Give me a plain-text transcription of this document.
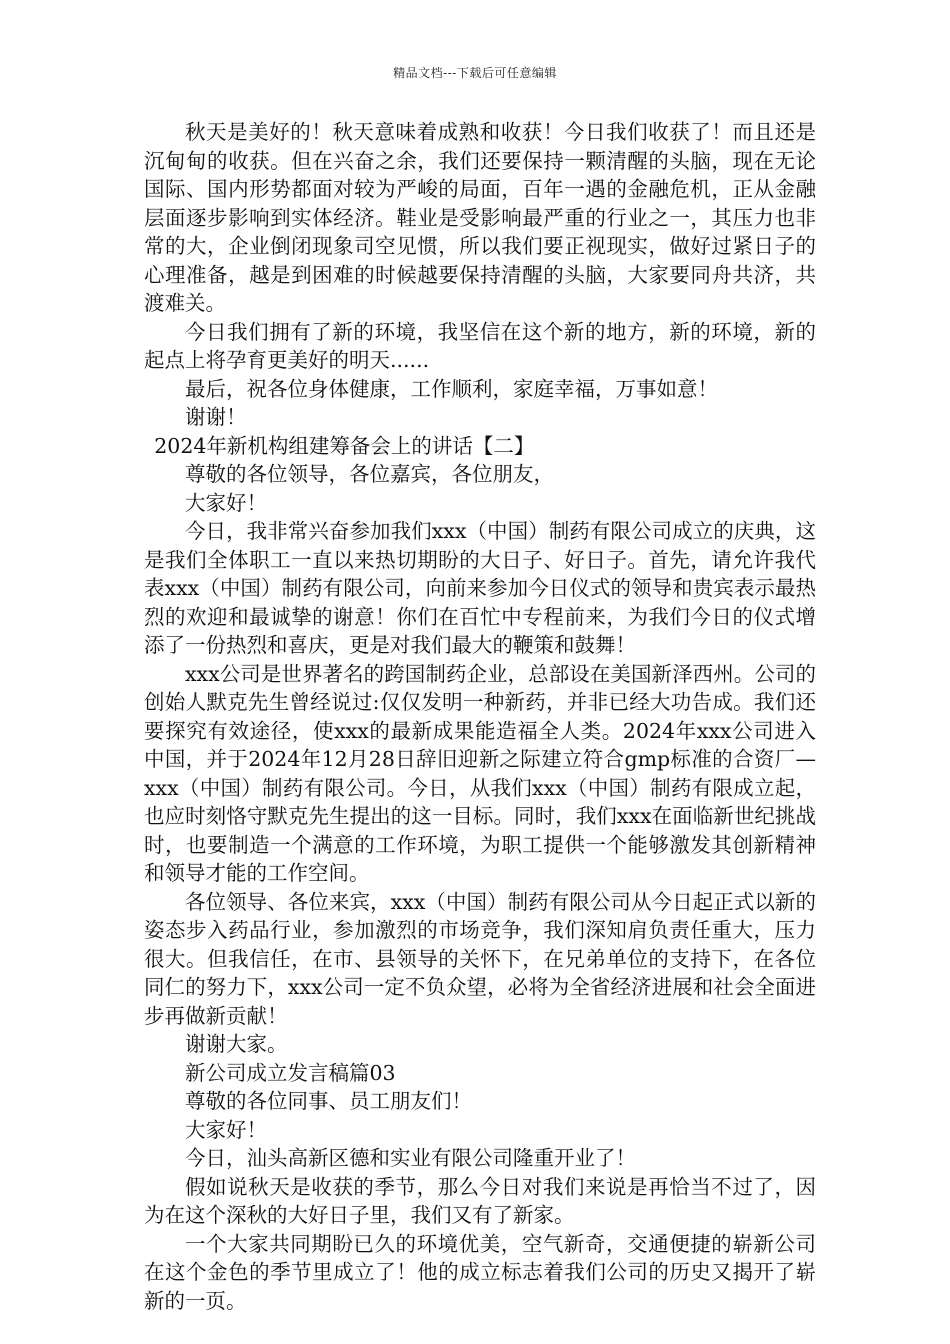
精品文档---下载后可任意编辑

秋天是美好的！秋天意味着成熟和收获！今日我们收获了！而且还是沉甸甸的收获。但在兴奋之余，我们还要保持一颗清醒的头脑，现在无论国际、国内形势都面对较为严峻的局面，百年一遇的金融危机，正从金融层面逐步影响到实体经济。鞋业是受影响最严重的行业之一，其压力也非常的大，企业倒闭现象司空见惯，所以我们要正视现实，做好过紧日子的心理准备，越是到困难的时候越要保持清醒的头脑，大家要同舟共济，共渡难关。

今日我们拥有了新的环境，我坚信在这个新的地方，新的环境，新的起点上将孕育更美好的明天......

最后，祝各位身体健康，工作顺利，家庭幸福，万事如意！

谢谢！

2024年新机构组建筹备会上的讲话【二】

尊敬的各位领导，各位嘉宾，各位朋友，

大家好！

今日，我非常兴奋参加我们xxx（中国）制药有限公司成立的庆典，这是我们全体职工一直以来热切期盼的大日子、好日子。首先，请允许我代表xxx（中国）制药有限公司，向前来参加今日仪式的领导和贵宾表示最热烈的欢迎和最诚挚的谢意！你们在百忙中专程前来，为我们今日的仪式增添了一份热烈和喜庆，更是对我们最大的鞭策和鼓舞！

xxx公司是世界著名的跨国制药企业，总部设在美国新泽西州。公司的创始人默克先生曾经说过:仅仅发明一种新药，并非已经大功告成。我们还要探究有效途径，使xxx的最新成果能造福全人类。2024年xxx公司进入中国，并于2024年12月28日辞旧迎新之际建立符合gmp标准的合资厂—xxx（中国）制药有限公司。今日，从我们xxx（中国）制药有限成立起，也应时刻恪守默克先生提出的这一目标。同时，我们xxx在面临新世纪挑战时，也要制造一个满意的工作环境，为职工提供一个能够激发其创新精神和领导才能的工作空间。

各位领导、各位来宾，xxx（中国）制药有限公司从今日起正式以新的姿态步入药品行业，参加激烈的市场竞争，我们深知肩负责任重大，压力很大。但我信任，在市、县领导的关怀下，在兄弟单位的支持下，在各位同仁的努力下，xxx公司一定不负众望，必将为全省经济进展和社会全面进步再做新贡献！

谢谢大家。

新公司成立发言稿篇03

尊敬的各位同事、员工朋友们！

大家好！

今日，汕头高新区德和实业有限公司隆重开业了！

假如说秋天是收获的季节，那么今日对我们来说是再恰当不过了，因为在这个深秋的大好日子里，我们又有了新家。

一个大家共同期盼已久的环境优美，空气新奇，交通便捷的崭新公司在这个金色的季节里成立了！他的成立标志着我们公司的历史又揭开了崭新的一页。
